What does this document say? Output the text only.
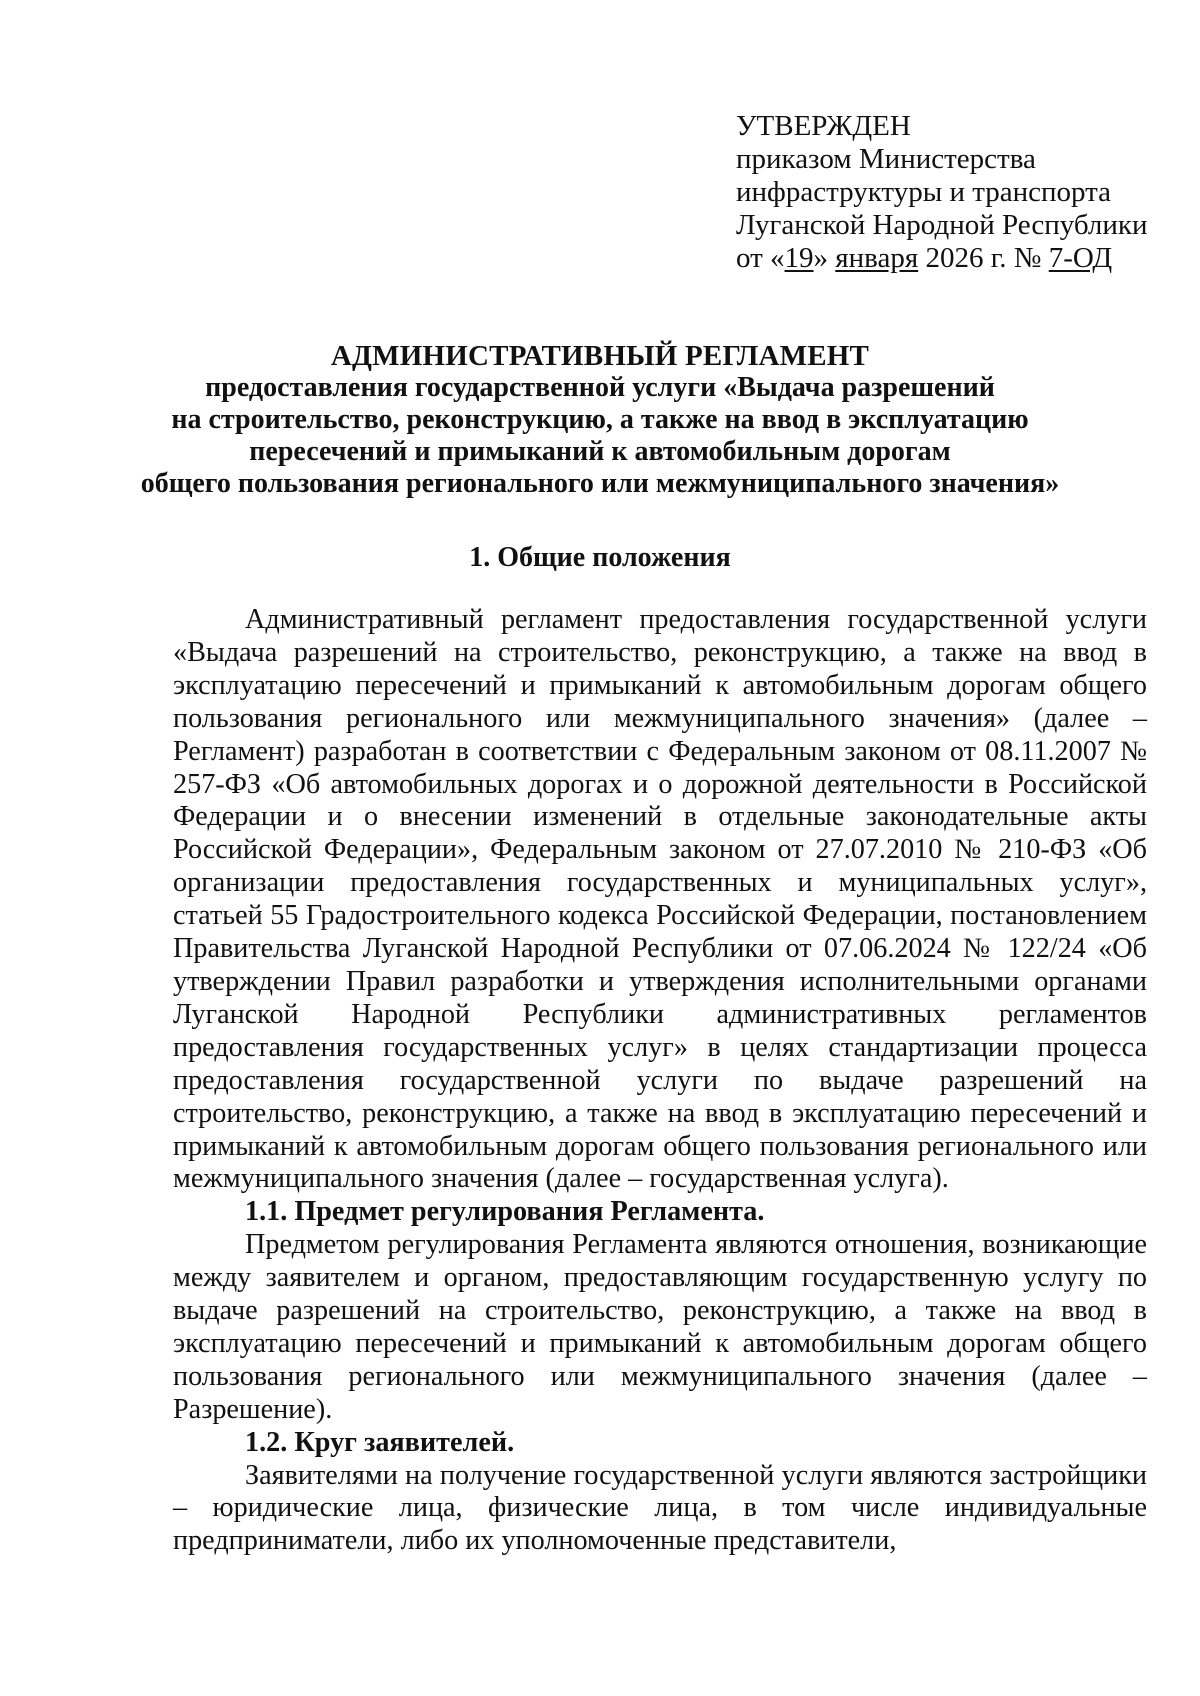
УТВЕРЖДЕН
приказом Министерства
инфраструктуры и транспорта
Луганской Народной Республики
от «19» января 2026 г. № 7-ОД
АДМИНИСТРАТИВНЫЙ РЕГЛАМЕНТ
предоставления государственной услуги «Выдача разрешений
на строительство, реконструкцию, а также на ввод в эксплуатацию
пересечений и примыканий к автомобильным дорогам
общего пользования регионального или межмуниципального значения»
1. Общие положения

Административный регламент предоставления государственной услуги «Выдача разрешений на строительство, реконструкцию, а также на ввод в эксплуатацию пересечений и примыканий к автомобильным дорогам общего пользования регионального или межмуниципального значения» (далее – Регламент) разработан в соответствии с Федеральным законом от 08.11.2007 № 257-ФЗ «Об автомобильных дорогах и о дорожной деятельности в Российской Федерации и о внесении изменений в отдельные законодательные акты Российской Федерации», Федеральным законом от 27.07.2010 № 210-ФЗ «Об организации предоставления государственных и муниципальных услуг», статьей 55 Градостроительного кодекса Российской Федерации, постановлением Правительства Луганской Народной Республики от 07.06.2024 № 122/24 «Об утверждении Правил разработки и утверждения исполнительными органами Луганской Народной Республики административных регламентов предоставления государственных услуг» в целях стандартизации процесса предоставления государственной услуги по выдаче разрешений на строительство, реконструкцию, а также на ввод в эксплуатацию пересечений и примыканий к автомобильным дорогам общего пользования регионального или межмуниципального значения (далее – государственная услуга).

1.1. Предмет регулирования Регламента.

Предметом регулирования Регламента являются отношения, возникающие между заявителем и органом, предоставляющим государственную услугу по выдаче разрешений на строительство, реконструкцию, а также на ввод в эксплуатацию пересечений и примыканий к автомобильным дорогам общего пользования регионального или межмуниципального значения (далее – Разрешение).

1.2. Круг заявителей.

Заявителями на получение государственной услуги являются застройщики – юридические лица, физические лица, в том числе индивидуальные предприниматели, либо их уполномоченные представители,
